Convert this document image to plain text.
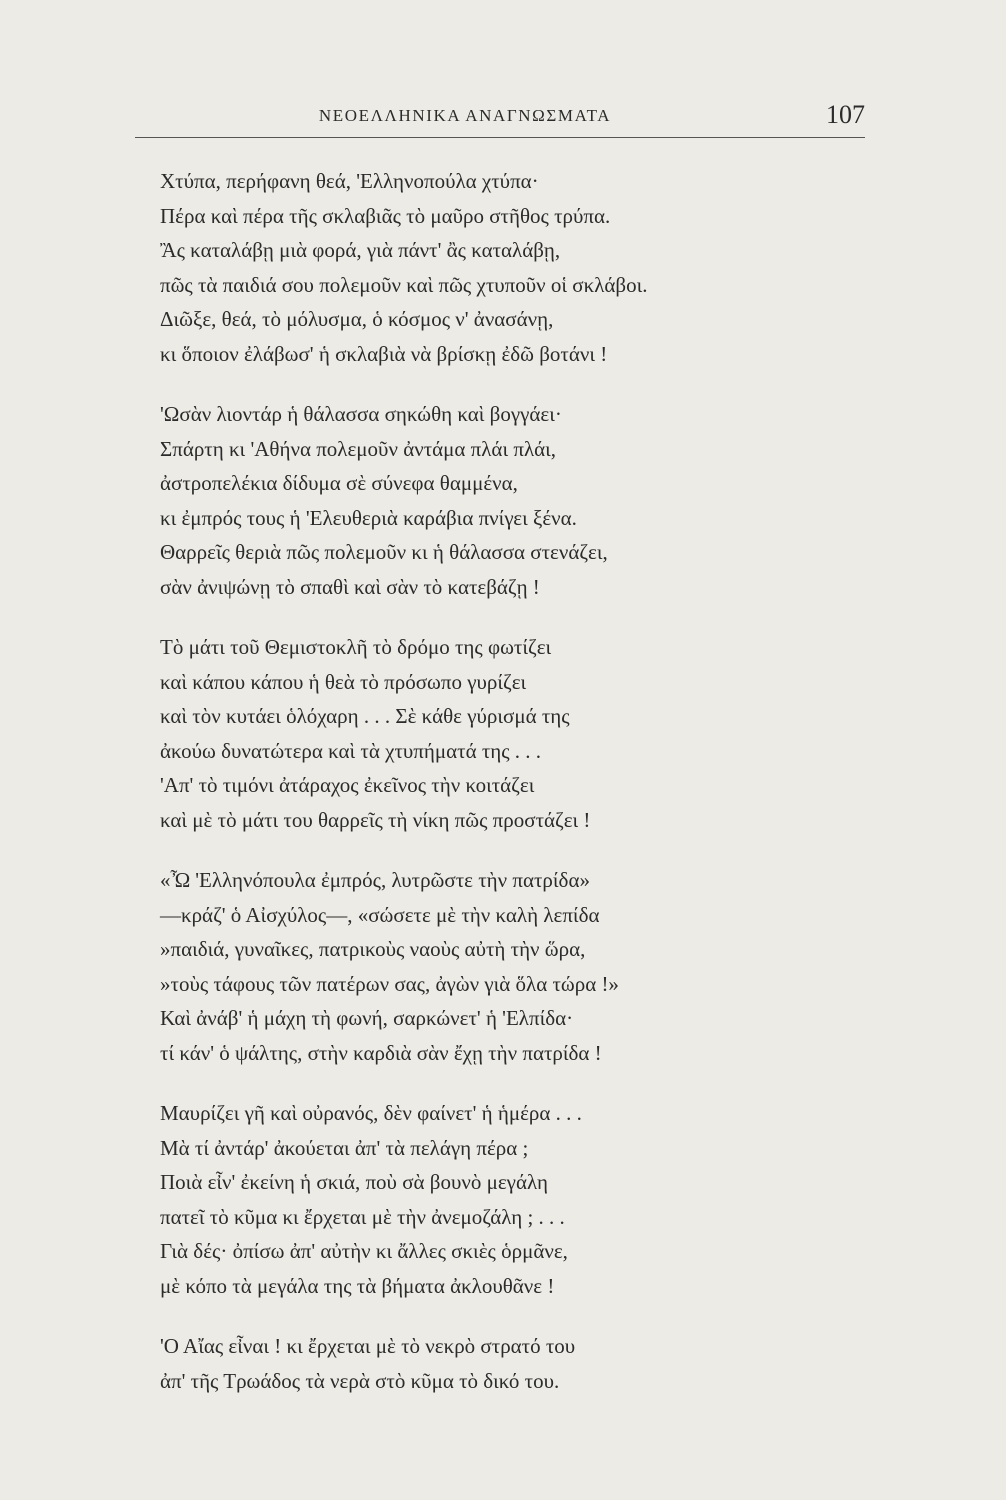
ΝΕΟΕΛΛΗΝΙΚΑ ΑΝΑΓΝΩΣΜΑΤΑ	107
Χτύπα, περήφανη θεά, 'Ελληνοπούλα χτύπα·
Πέρα καὶ πέρα τῆς σκλαβιᾶς τὸ μαῦρο στῆθος τρύπα.
Ἂς καταλάβῃ μιὰ φορά, γιὰ πάντ' ἂς καταλάβῃ,
πῶς τὰ παιδιά σου πολεμοῦν καὶ πῶς χτυποῦν οἱ σκλάβοι.
Διῶξε, θεά, τὸ μόλυσμα, ὁ κόσμος ν' ἀνασάνῃ,
κι ὅποιον ἐλάβωσ' ἡ σκλαβιὰ νὰ βρίσκῃ ἐδῶ βοτάνι !
'Ωσὰν λιοντάρ ἡ θάλασσα σηκώθη καὶ βογγάει·
Σπάρτη κι 'Αθήνα πολεμοῦν ἀντάμα πλάι πλάι,
ἀστροπελέκια δίδυμα σὲ σύνεφα θαμμένα,
κι ἐμπρός τους ἡ 'Ελευθεριὰ καράβια πνίγει ξένα.
Θαρρεῖς θεριὰ πῶς πολεμοῦν κι ἡ θάλασσα στενάζει,
σὰν ἀνιψώνῃ τὸ σπαθὶ καὶ σὰν τὸ κατεβάζῃ !
Τὸ μάτι τοῦ Θεμιστοκλῆ τὸ δρόμο της φωτίζει
καὶ κάπου κάπου ἡ θεὰ τὸ πρόσωπο γυρίζει
καὶ τὸν κυτάει ὁλόχαρη . . . Σὲ κάθε γύρισμά της
ἀκούω δυνατώτερα καὶ τὰ χτυπήματά της . . .
'Απ' τὸ τιμόνι ἀτάραχος ἐκεῖνος τὴν κοιτάζει
καὶ μὲ τὸ μάτι του θαρρεῖς τὴ νίκη πῶς προστάζει !
«Ὦ 'Ελληνόπουλα ἐμπρός, λυτρῶστε τὴν πατρίδα»
—κράζ' ὁ Αἰσχύλος—, «σώσετε μὲ τὴν καλὴ λεπίδα
»παιδιά, γυναῖκες, πατρικοὺς ναοὺς αὐτὴ τὴν ὥρα,
»τοὺς τάφους τῶν πατέρων σας, ἀγὼν γιὰ ὅλα τώρα !»
Καὶ ἀνάβ' ἡ μάχη τὴ φωνή, σαρκώνετ' ἡ 'Ελπίδα·
τί κάν' ὁ ψάλτης, στὴν καρδιὰ σὰν ἔχῃ τὴν πατρίδα !
Μαυρίζει γῆ καὶ οὐρανός, δὲν φαίνετ' ἡ ἡμέρα . . .
Μὰ τί ἀντάρ' ἀκούεται ἀπ' τὰ πελάγη πέρα ;
Ποιὰ εἶν' ἐκείνη ἡ σκιά, ποὺ σὰ βουνὸ μεγάλη
πατεῖ τὸ κῦμα κι ἔρχεται μὲ τὴν ἀνεμοζάλη ; . . .
Γιὰ δές· ὀπίσω ἀπ' αὐτὴν κι ἄλλες σκιὲς ὁρμᾶνε,
μὲ κόπο τὰ μεγάλα της τὰ βήματα ἀκλουθᾶνε !
'Ο Αἴας εἶναι ! κι ἔρχεται μὲ τὸ νεκρὸ στρατό του
ἀπ' τῆς Τρωάδος τὰ νερὰ στὸ κῦμα τὸ δικό του.
